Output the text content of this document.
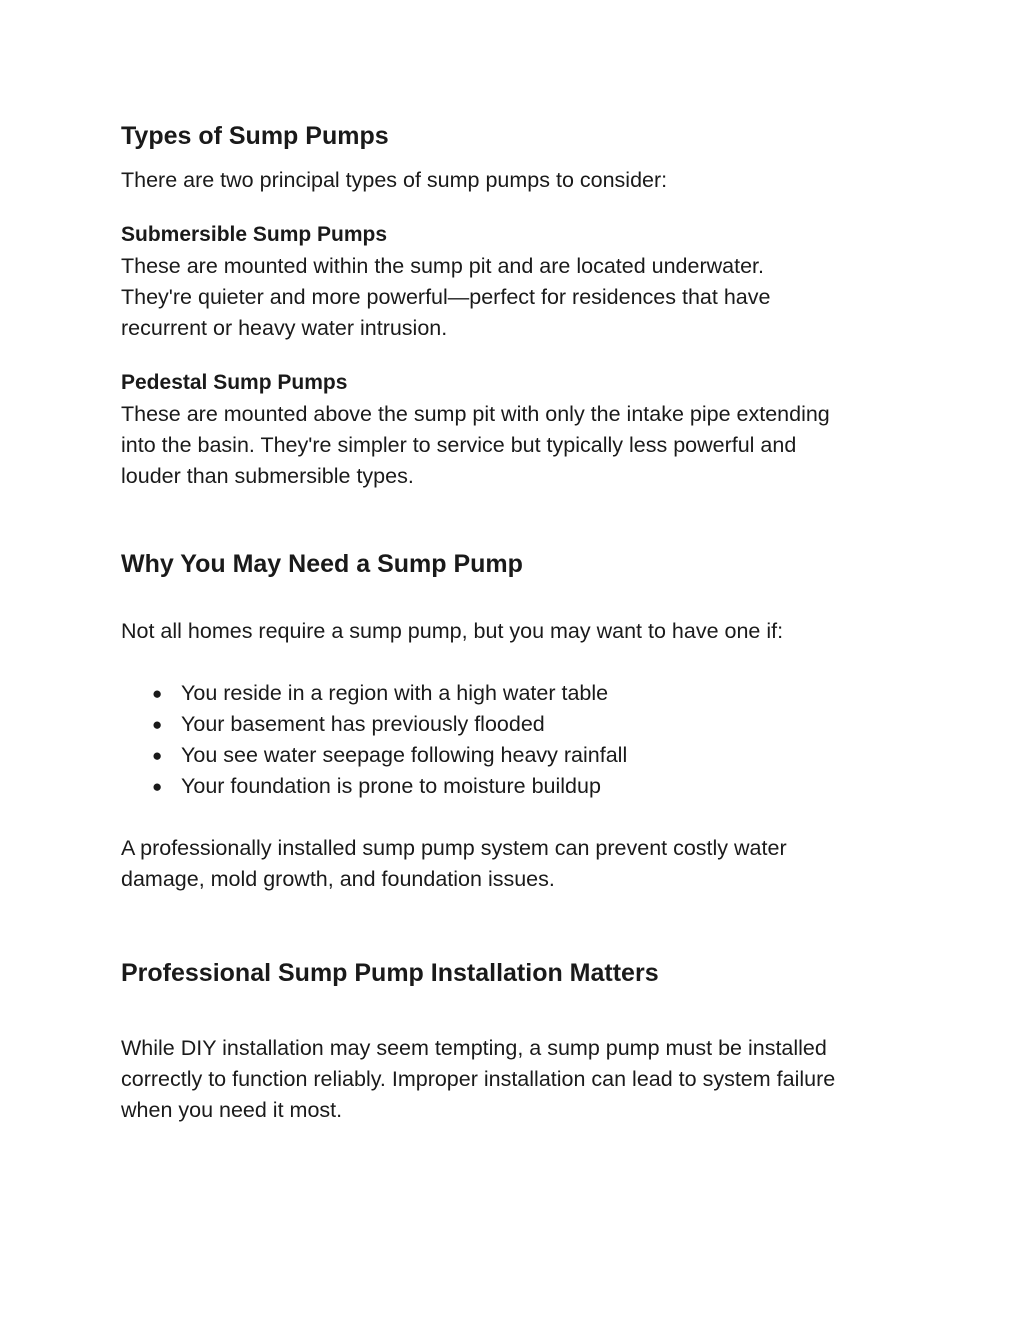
Types of Sump Pumps
There are two principal types of sump pumps to consider:
Submersible Sump Pumps
These are mounted within the sump pit and are located underwater.
They're quieter and more powerful—perfect for residences that have
recurrent or heavy water intrusion.
Pedestal Sump Pumps
These are mounted above the sump pit with only the intake pipe extending
into the basin. They're simpler to service but typically less powerful and
louder than submersible types.
Why You May Need a Sump Pump
Not all homes require a sump pump, but you may want to have one if:
● You reside in a region with a high water table
● Your basement has previously flooded
● You see water seepage following heavy rainfall
● Your foundation is prone to moisture buildup
A professionally installed sump pump system can prevent costly water
damage, mold growth, and foundation issues.
Professional Sump Pump Installation Matters
While DIY installation may seem tempting, a sump pump must be installed
correctly to function reliably. Improper installation can lead to system failure
when you need it most.
